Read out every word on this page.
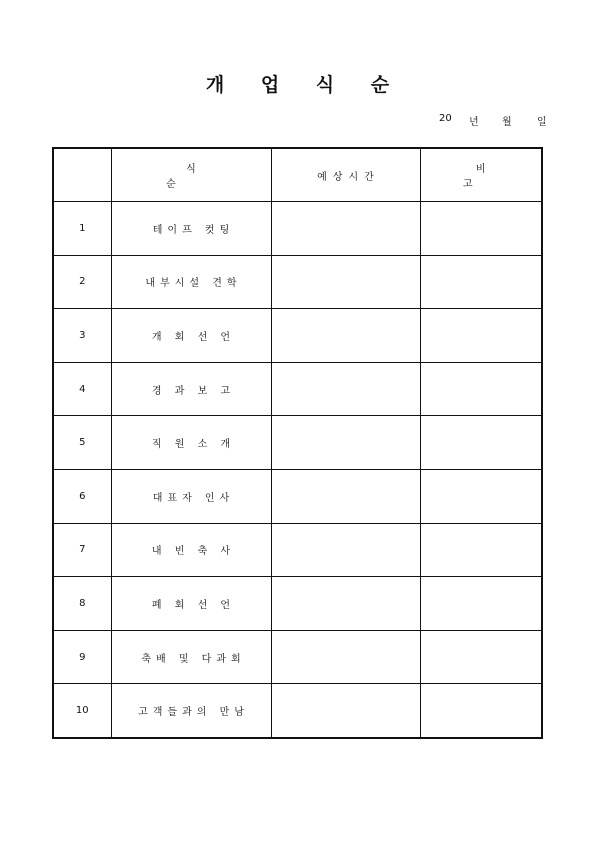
개 업 식 순
20	년	월	일
	식 순	예상시간	비 고
1	테이프 컷팅		
2	내부시설 견학		
3	개 회 선 언		
4	경 과 보 고		
5	직 원 소 개		
6	대표자 인사		
7	내 빈 축 사		
8	폐 회 선 언		
9	축배 및 다과회		
10	고객들과의 만남		
